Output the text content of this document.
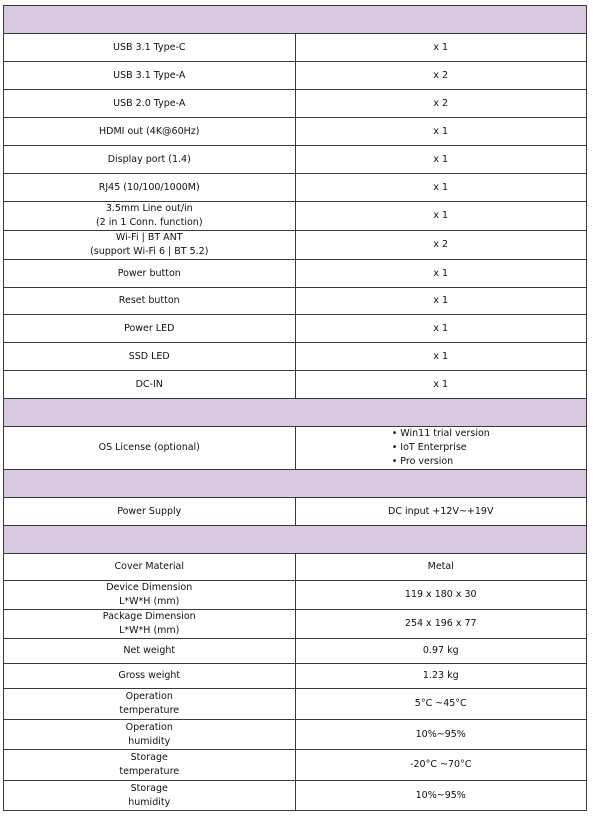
USB 3.1 Type-C	x 1
USB 3.1 Type-A	x 2
USB 2.0 Type-A	x 2
HDMI out (4K@60Hz)	x 1
Display port (1.4)	x 1
RJ45 (10/100/1000M)	x 1

3.5mm Line out/in
(2 in 1 Conn. function)	x 1

Wi-Fi | BT ANT
(support Wi-Fi 6 | BT 5.2)	x 2
Power button	x 1
Reset button	x 1
Power LED	x 1
SSD LED	x 1
DC-IN	x 1

OS License (optional)	• Win11 trial version
• IoT Enterprise
• Pro version

Power Supply	DC input +12V~+19V

Cover Material	Metal

Device Dimension
L*W*H (mm)	119 x 180 x 30

Package Dimension
L*W*H (mm)	254 x 196 x 77
Net weight	0.97 kg
Gross weight	1.23 kg

Operation
temperature	5°C ~45°C

Operation
humidity	10%~95%

Storage
temperature	-20°C ~70°C

Storage
humidity	10%~95%
